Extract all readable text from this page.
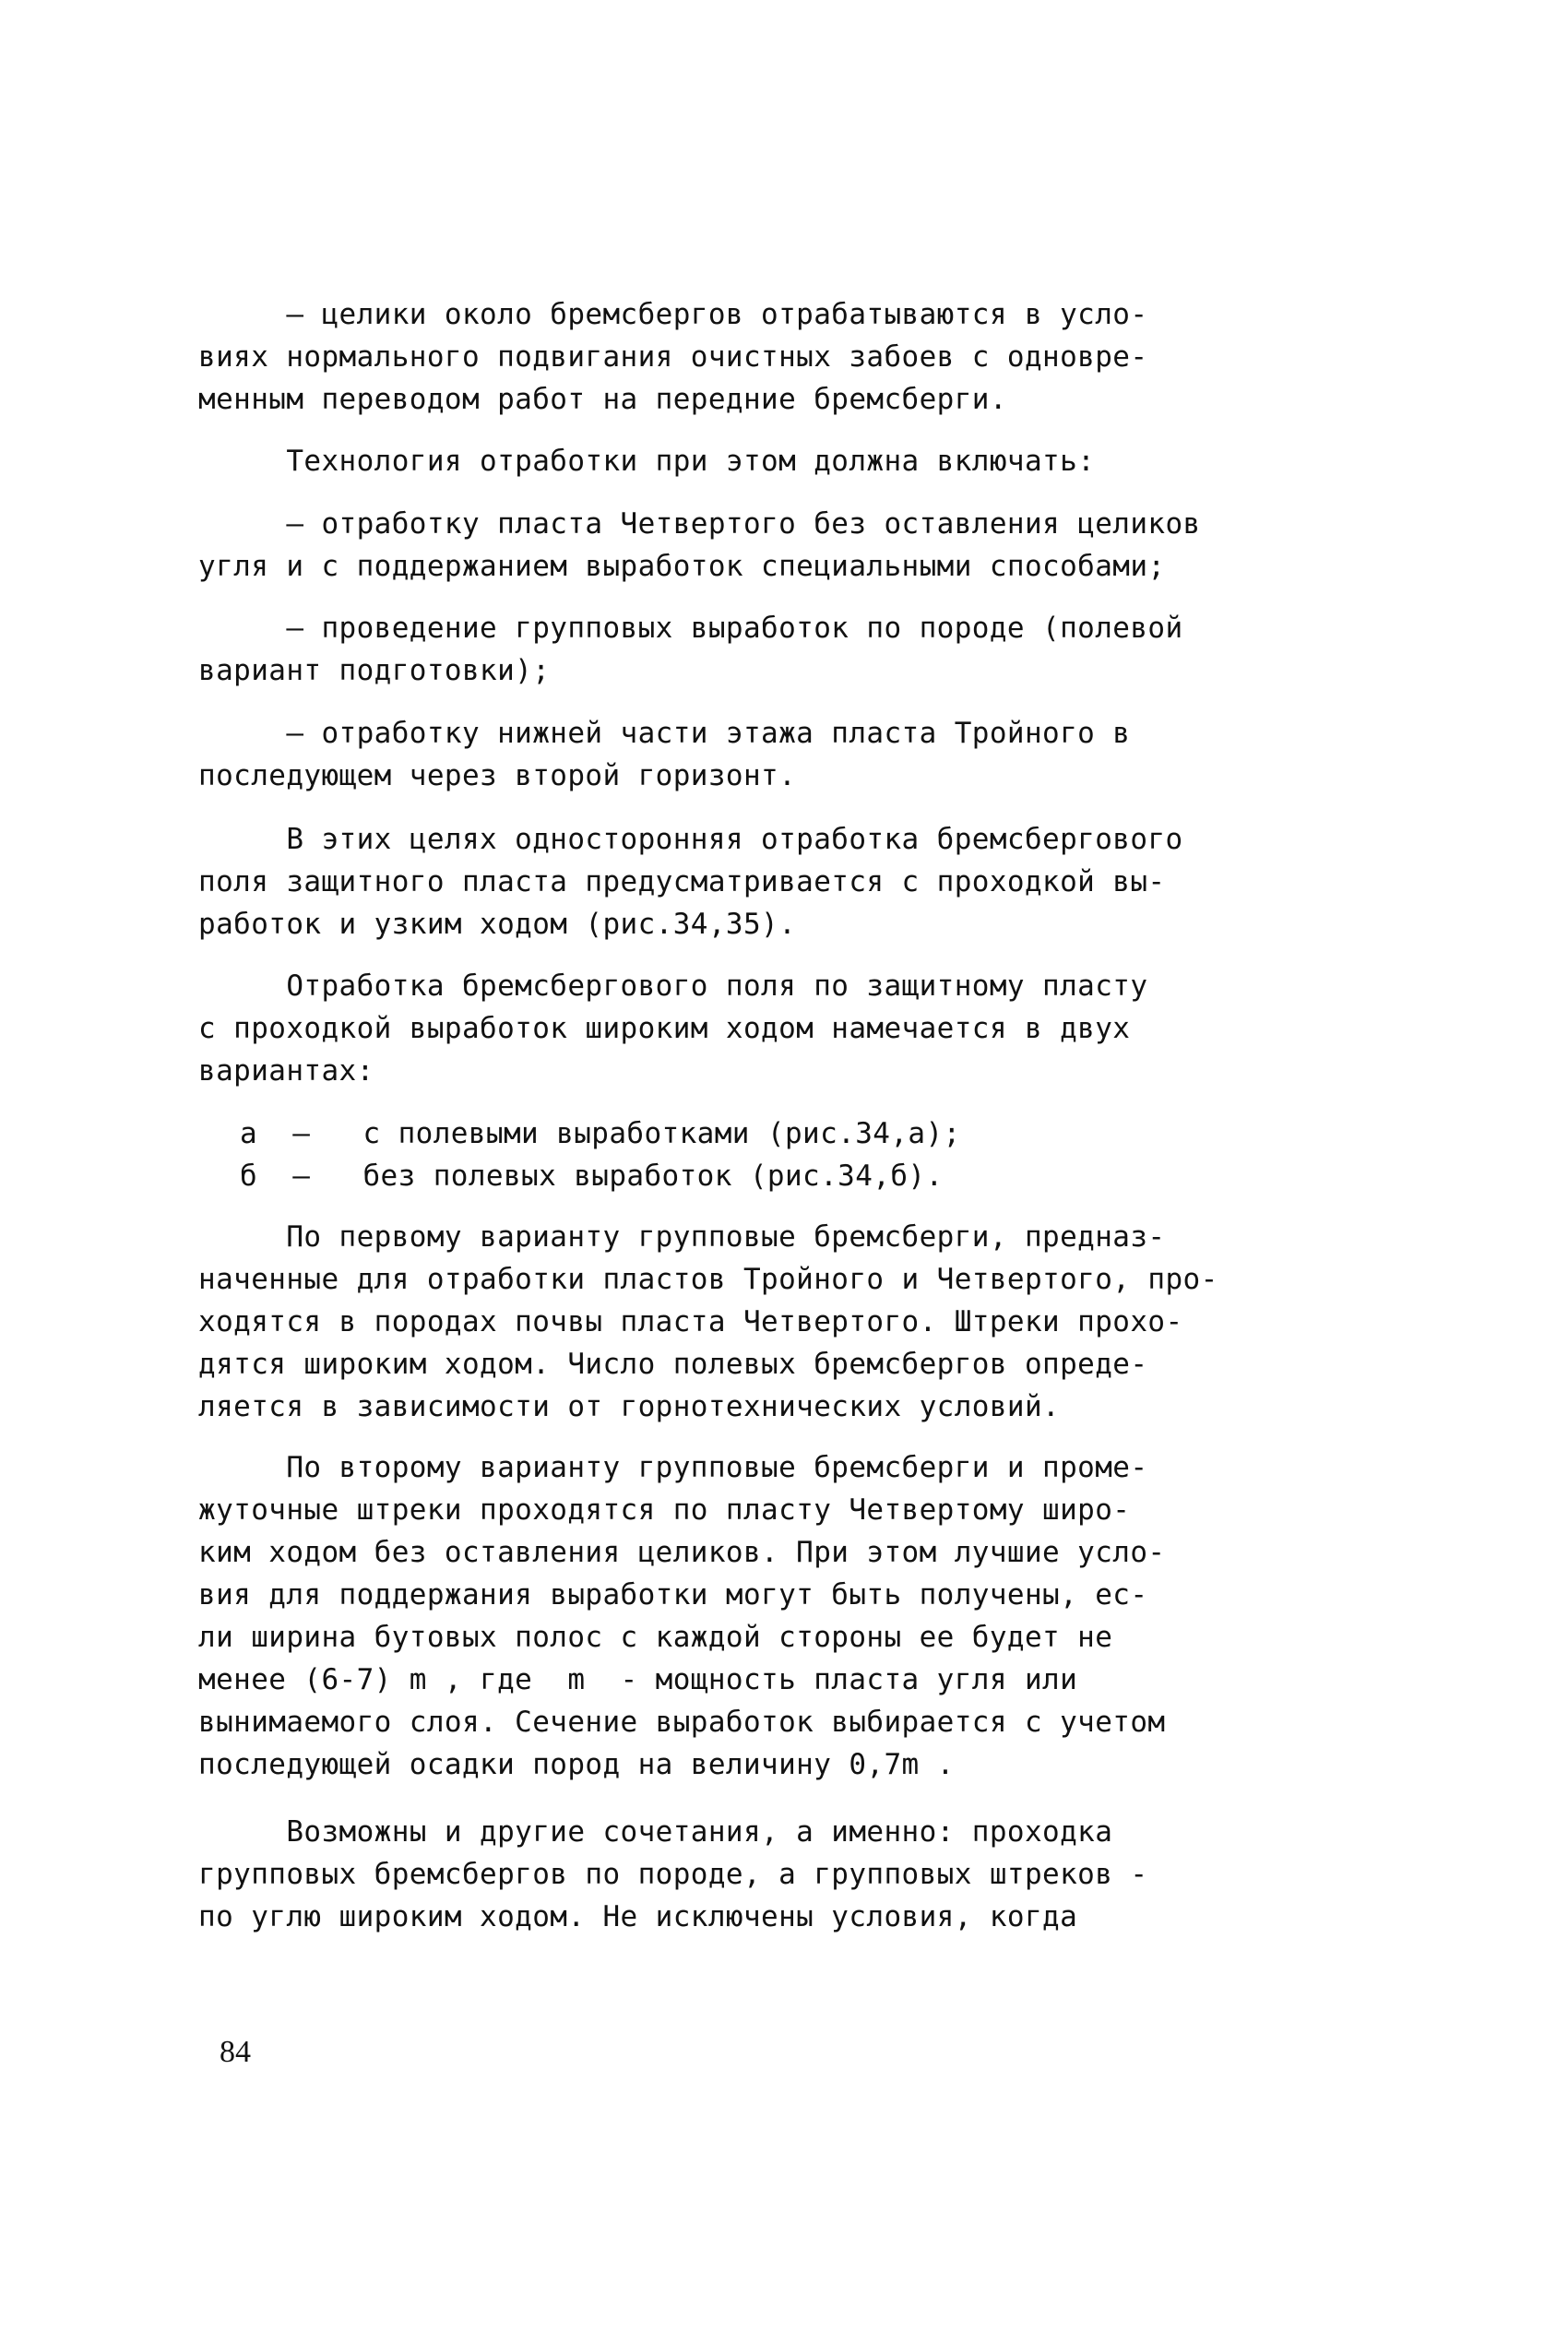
– целики около бремсбергов отрабатываются в усло-
виях нормального подвигания очистных забоев с одновре-
менным переводом работ на передние бремсберги.
Технология отработки при этом должна включать:
– отработку пласта Четвертого без оставления целиков
угля и с поддержанием выработок специальными способами;
– проведение групповых выработок по породе (полевой
вариант подготовки);
– отработку нижней части этажа пласта Тройного в
последующем через второй горизонт.
В этих целях односторонняя отработка бремсбергового
поля защитного пласта предусматривается с проходкой вы-
работок и узким ходом (рис.34,35).
Отработка бремсбергового поля по защитному пласту
с проходкой выработок широким ходом намечается в двух
вариантах:
а  –   с полевыми выработками (рис.34,а);
б  –   без полевых выработок (рис.34,б).
По первому варианту групповые бремсберги, предназ-
наченные для отработки пластов Тройного и Четвертого, про-
ходятся в породах почвы пласта Четвертого. Штреки прохо-
дятся широким ходом. Число полевых бремсбергов опреде-
ляется в зависимости от горнотехнических условий.
По второму варианту групповые бремсберги и проме-
жуточные штреки проходятся по пласту Четвертому широ-
ким ходом без оставления целиков. При этом лучшие усло-
вия для поддержания выработки могут быть получены, ес-
ли ширина бутовых полос с каждой стороны ее будет не
менее (6-7) m , где  m  - мощность пласта угля или
вынимаемого слоя. Сечение выработок выбирается с учетом
последующей осадки пород на величину 0,7m .
Возможны и другие сочетания, а именно: проходка
групповых бремсбергов по породе, а групповых штреков -
по углю широким ходом. Не исключены условия, когда
84
